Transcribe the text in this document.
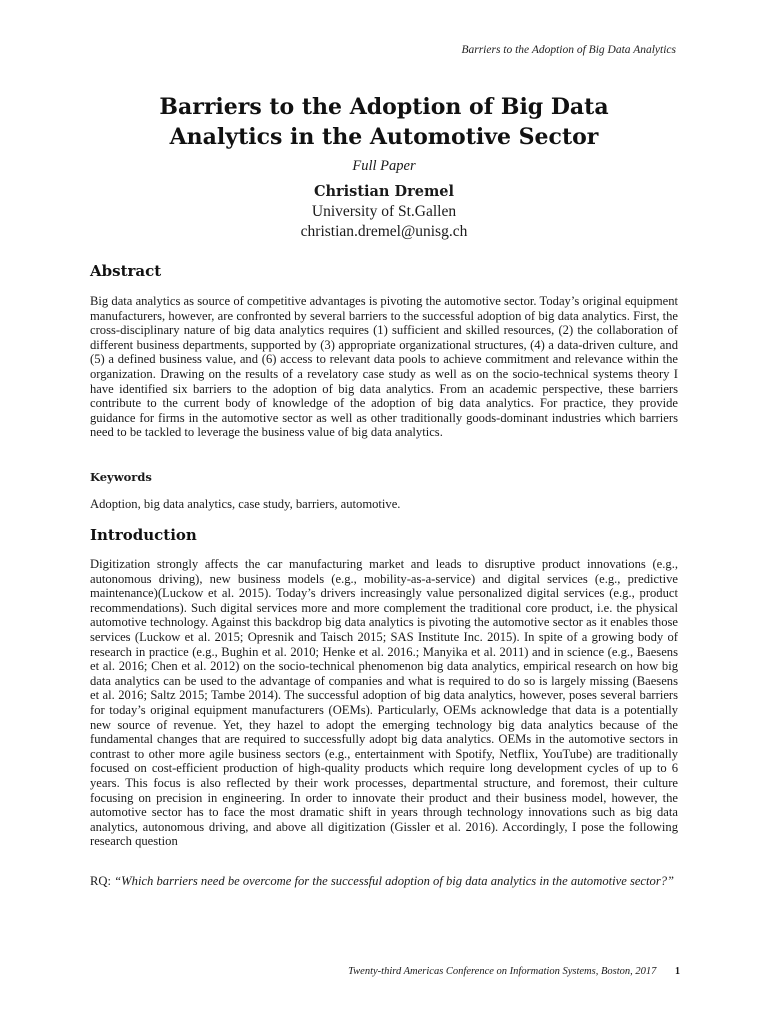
Barriers to the Adoption of Big Data Analytics
Barriers to the Adoption of Big Data
Analytics in the Automotive Sector
Full Paper
Christian Dremel
University of St.Gallen
christian.dremel@unisg.ch
Abstract

Big data analytics as source of competitive advantages is pivoting the automotive sector. Today’s original equipment manufacturers, however, are confronted by several barriers to the successful adoption of big data analytics. First, the cross-disciplinary nature of big data analytics requires (1) sufficient and skilled resources, (2) the collaboration of different business departments, supported by (3) appropriate organizational structures, (4) a data-driven culture, and (5) a defined business value, and (6) access to relevant data pools to achieve commitment and relevance within the organization. Drawing on the results of a revelatory case study as well as on the socio-technical systems theory I have identified six barriers to the adoption of big data analytics. From an academic perspective, these barriers contribute to the current body of knowledge of the adoption of big data analytics. For practice, they provide guidance for firms in the automotive sector as well as other traditionally goods-dominant industries which barriers need to be tackled to leverage the business value of big data analytics.

Keywords

Adoption, big data analytics, case study, barriers, automotive.

Introduction

Digitization strongly affects the car manufacturing market and leads to disruptive product innovations (e.g., autonomous driving), new business models (e.g., mobility-as-a-service) and digital services (e.g., predictive maintenance)(Luckow et al. 2015). Today’s drivers increasingly value personalized digital services (e.g., product recommendations). Such digital services more and more complement the traditional core product, i.e. the physical automotive technology. Against this backdrop big data analytics is pivoting the automotive sector as it enables those services (Luckow et al. 2015; Opresnik and Taisch 2015; SAS Institute Inc. 2015). In spite of a growing body of research in practice (e.g., Bughin et al. 2010; Henke et al. 2016.; Manyika et al. 2011) and in science (e.g., Baesens et al. 2016; Chen et al. 2012) on the socio-technical phenomenon big data analytics, empirical research on how big data analytics can be used to the advantage of companies and what is required to do so is largely missing (Baesens et al. 2016; Saltz 2015; Tambe 2014). The successful adoption of big data analytics, however, poses several barriers for today’s original equipment manufacturers (OEMs). Particularly, OEMs acknowledge that data is a potentially new source of revenue. Yet, they hazel to adopt the emerging technology big data analytics because of the fundamental changes that are required to successfully adopt big data analytics. OEMs in the automotive sectors in contrast to other more agile business sectors (e.g., entertainment with Spotify, Netflix, YouTube) are traditionally focused on cost-efficient production of high-quality products which require long development cycles of up to 6 years. This focus is also reflected by their work processes, departmental structure, and foremost, their culture focusing on precision in engineering. In order to innovate their product and their business model, however, the automotive sector has to face the most dramatic shift in years through technology innovations such as big data analytics, autonomous driving, and above all digitization (Gissler et al. 2016). Accordingly, I pose the following research question

RQ: “Which barriers need be overcome for the successful adoption of big data analytics in the automotive sector?”

Twenty-third Americas Conference on Information Systems, Boston, 2017 1
